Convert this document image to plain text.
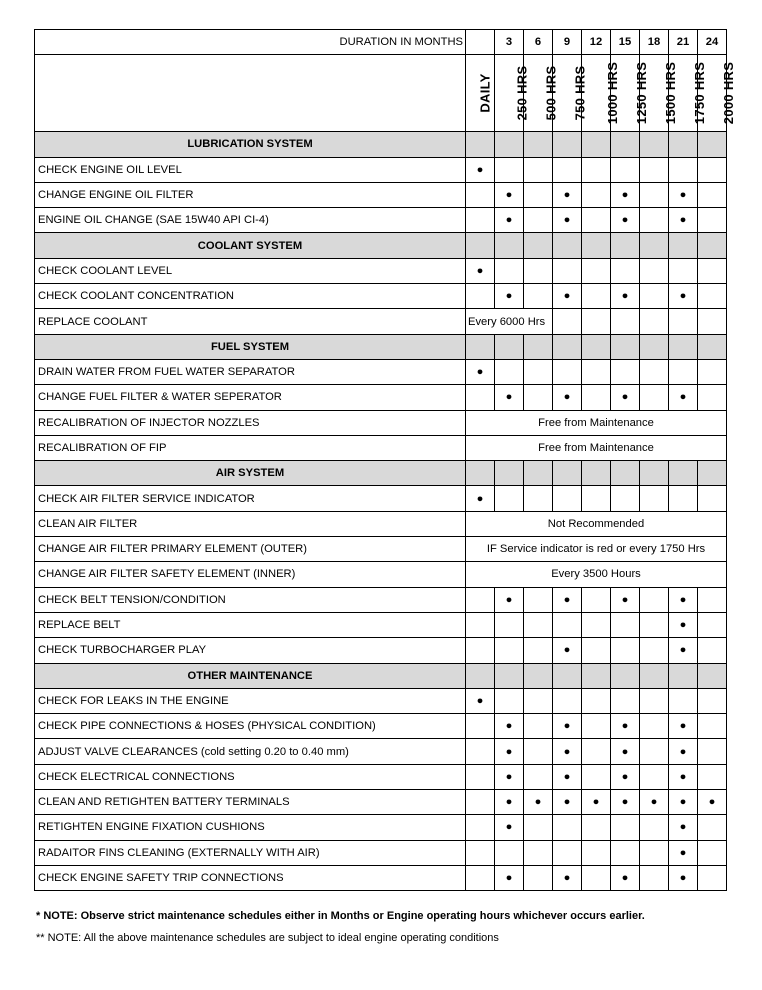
DURATION IN MONTHS		3	6	9	12	15	18	21	24
	DAILY	250 HRS	500 HRS	750 HRS	1000 HRS	1250 HRS	1500 HRS	1750 HRS	2000 HRS
LUBRICATION SYSTEM									
CHECK ENGINE OIL LEVEL	●								
CHANGE ENGINE OIL FILTER		●		●		●		●	
ENGINE OIL CHANGE (SAE 15W40 API CI-4)		●		●		●		●	
COOLANT SYSTEM									
CHECK COOLANT LEVEL	●								
CHECK COOLANT CONCENTRATION		●		●		●		●	
REPLACE COOLANT	Every 6000 Hrs								
FUEL SYSTEM									
DRAIN WATER FROM FUEL WATER SEPARATOR	●								
CHANGE FUEL FILTER & WATER SEPERATOR		●		●		●		●	
RECALIBRATION OF INJECTOR NOZZLES	Free from Maintenance								
RECALIBRATION OF FIP	Free from Maintenance								
AIR SYSTEM									
CHECK AIR FILTER SERVICE INDICATOR	●								
CLEAN AIR FILTER	Not Recommended								
CHANGE AIR FILTER PRIMARY ELEMENT (OUTER)	IF Service indicator is red or every 1750 Hrs								
CHANGE AIR FILTER SAFETY ELEMENT (INNER)	Every 3500 Hours								
CHECK BELT TENSION/CONDITION		●		●		●		●	
REPLACE BELT								●	
CHECK TURBOCHARGER PLAY				●				●	
OTHER MAINTENANCE									
CHECK FOR LEAKS IN THE ENGINE	●								
CHECK PIPE CONNECTIONS & HOSES (PHYSICAL CONDITION)		●		●		●		●	
ADJUST VALVE CLEARANCES (cold setting 0.20 to 0.40 mm)		●		●		●		●	
CHECK ELECTRICAL CONNECTIONS		●		●		●		●	
CLEAN AND RETIGHTEN BATTERY TERMINALS		●	●	●	●	●	●	●	●
RETIGHTEN ENGINE FIXATION CUSHIONS		●						●	
RADAITOR FINS CLEANING (EXTERNALLY WITH AIR)								●	
CHECK ENGINE SAFETY TRIP CONNECTIONS		●		●		●		●	
* NOTE: Observe strict maintenance schedules either in Months or Engine operating hours whichever occurs earlier.
** NOTE: All the above maintenance schedules are subject to ideal engine operating conditions
